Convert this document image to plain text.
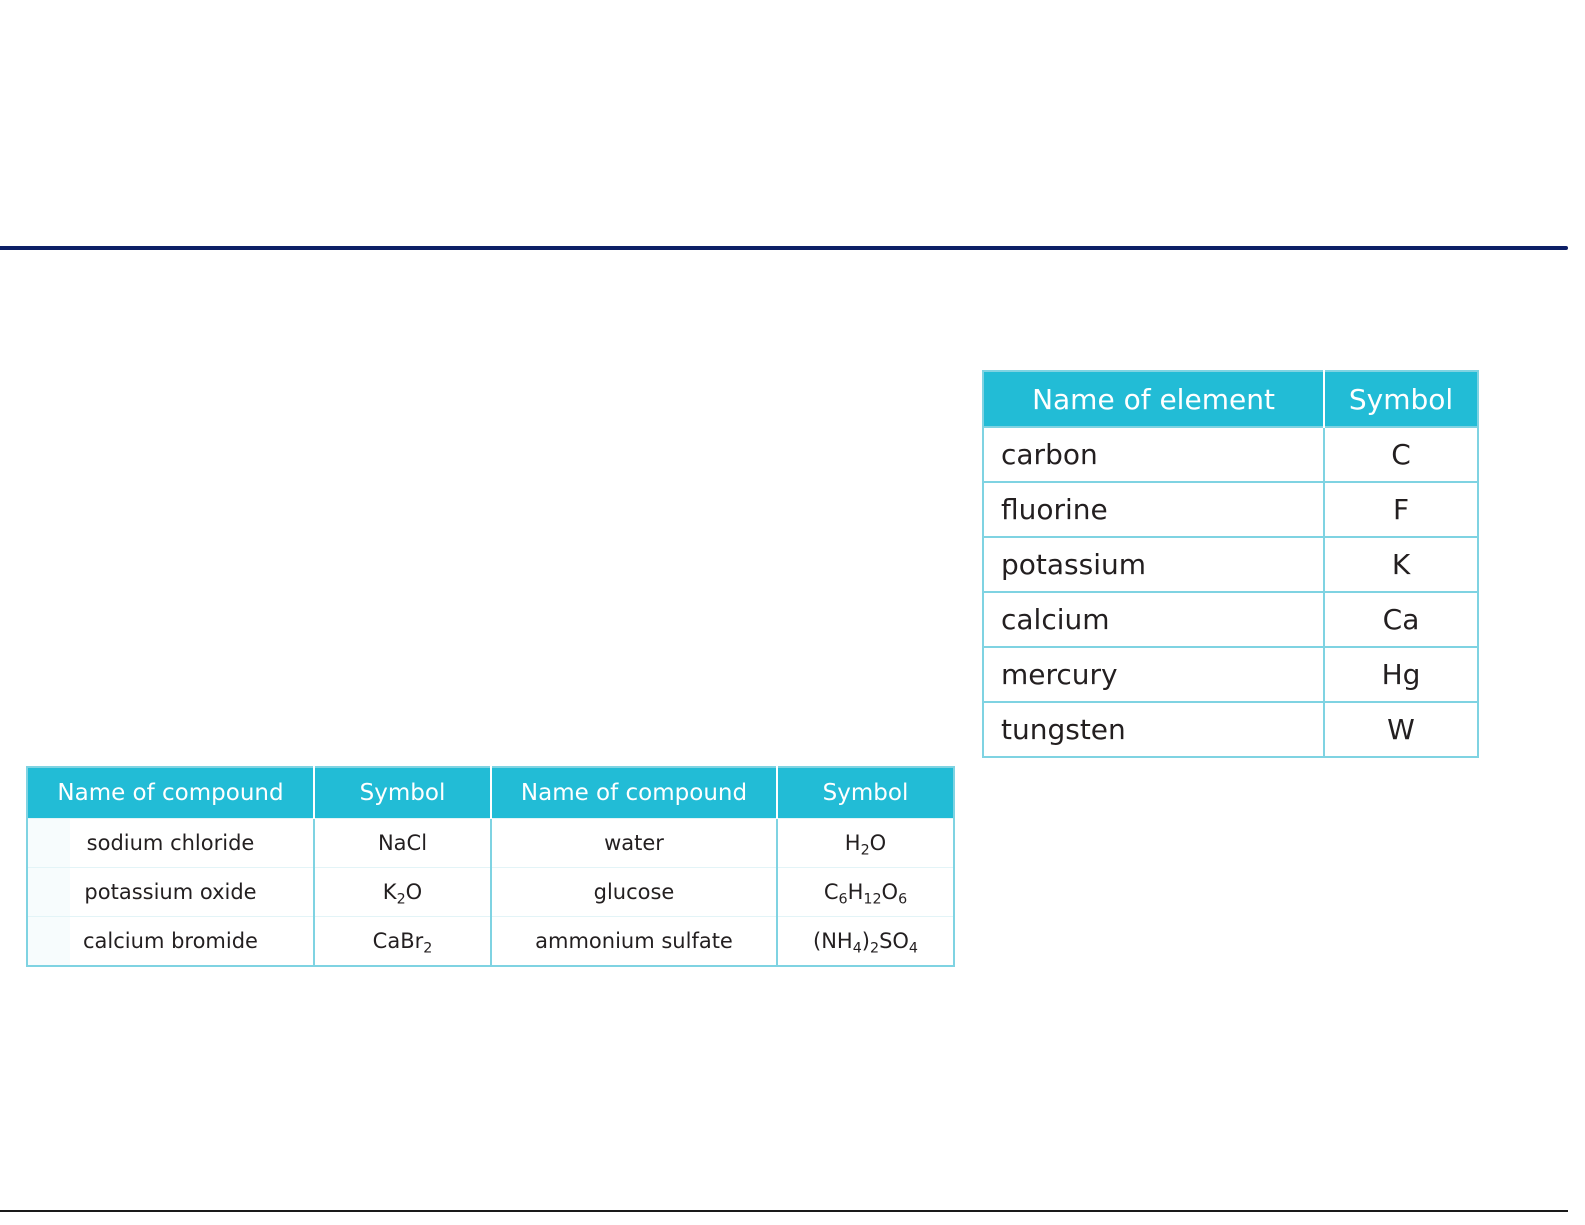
Name of element	Symbol
carbon	C
fluorine	F
potassium	K
calcium	Ca
mercury	Hg
tungsten	W
Name of compound	Symbol	Name of compound	Symbol
sodium chloride	NaCl	water	$H_2O$
potassium oxide	$K_2O$	glucose	$C_6H_{12}O_6$
calcium bromide	CaBr$_2$	ammonium sulfate	$(NH_4)_2SO_4$
